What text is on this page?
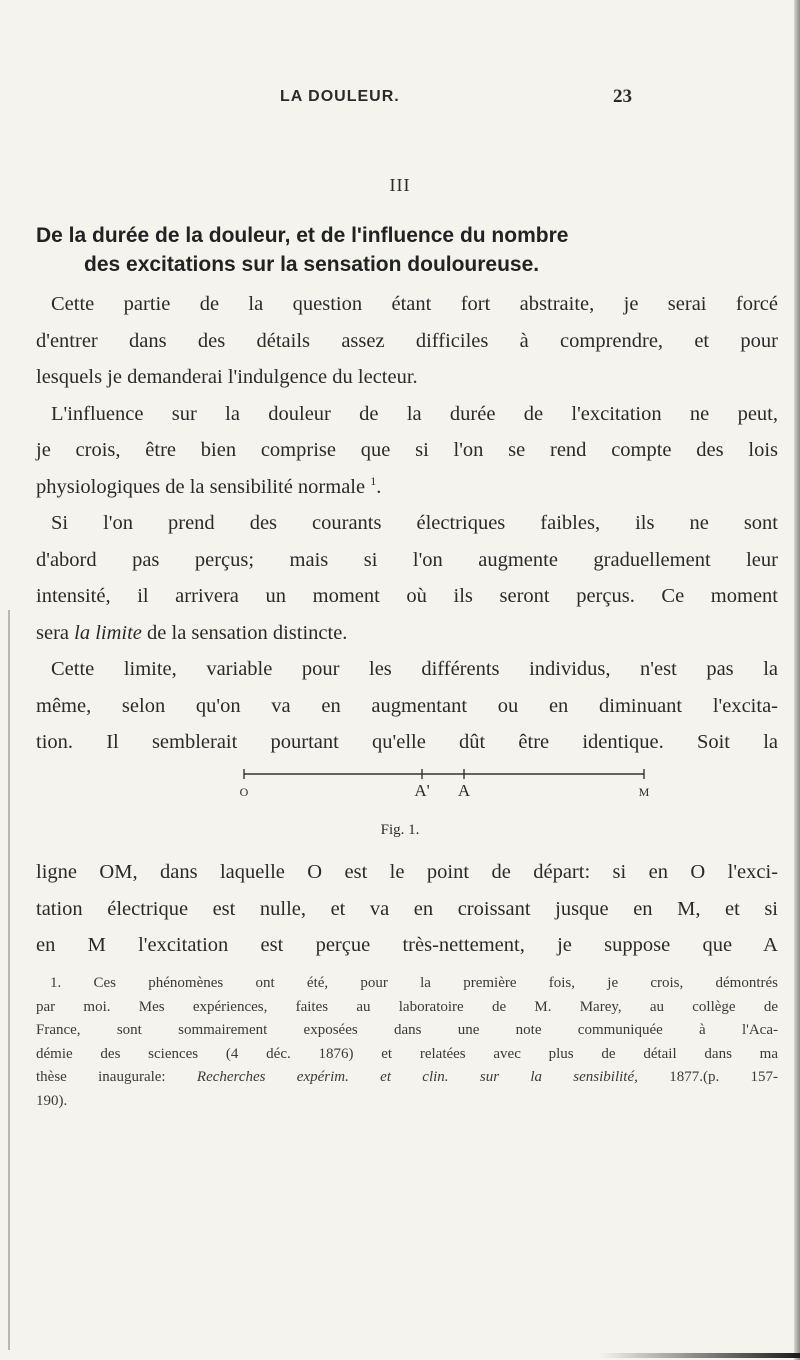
LA DOULEUR.	23
III
De la durée de la douleur, et de l'influence du nombre
des excitations sur la sensation douloureuse.
Cette partie de la question étant fort abstraite, je serai forcé
d'entrer dans des détails assez difficiles à comprendre, et pour
lesquels je demanderai l'indulgence du lecteur.
L'influence sur la douleur de la durée de l'excitation ne peut,
je crois, être bien comprise que si l'on se rend compte des lois
physiologiques de la sensibilité normale $^1$.
Si l'on prend des courants électriques faibles, ils ne sont
d'abord pas perçus; mais si l'on augmente graduellement leur
intensité, il arrivera un moment où ils seront perçus. Ce moment
sera la limite de la sensation distincte.
Cette limite, variable pour les différents individus, n'est pas la
même, selon qu'on va en augmentant ou en diminuant l'excita-
tion. Il semblerait pourtant qu'elle dût être identique. Soit la
O	A' A	M
Fig. 1.
ligne OM, dans laquelle O est le point de départ: si en O l'exci-
tation électrique est nulle, et va en croissant jusque en M, et si
en M l'excitation est perçue très-nettement, je suppose que A
1. Ces phénomènes ont été, pour la première fois, je crois, démontrés
par moi. Mes expériences, faites au laboratoire de M. Marey, au collège de
France, sont sommairement exposées dans une note communiquée à l'Aca-
démie des sciences (4 déc. 1876) et relatées avec plus de détail dans ma
thèse inaugurale: Recherches expérim. et clin. sur la sensibilité, 1877.(p. 157-
190).
